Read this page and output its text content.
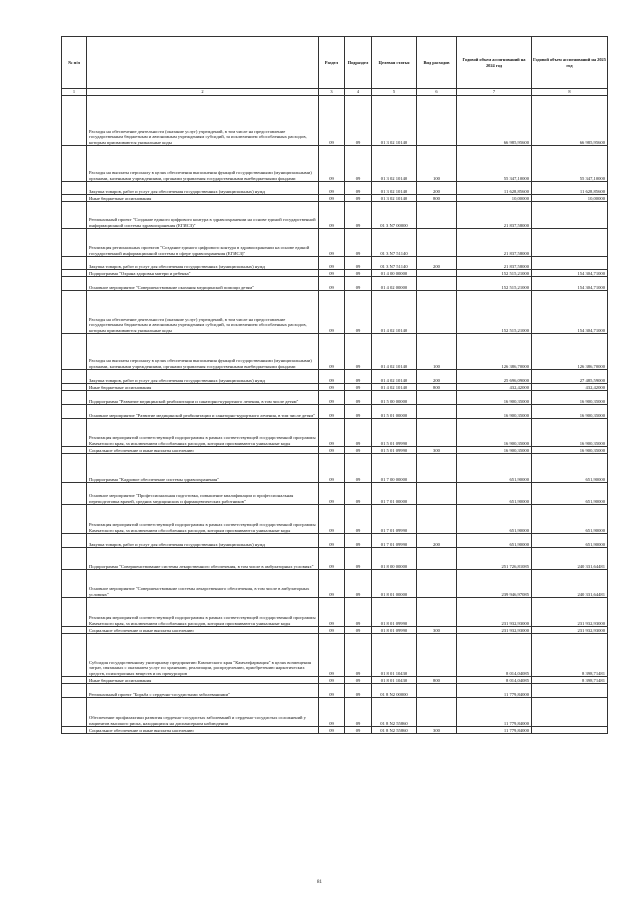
№ п/п		Раздел	Подраздел	Целевая статья	Вид расходов	Годовой объем ассигнований на 2024 год	Годовой объем ассигнований на 2025 год
1	2	3	4	5	6	7	8
	Расходы на обеспечение деятельности (оказание услуг) учреждений, в том числе на предоставление государственным бюджетным и автономным учреждениям субсидий, за исключением обособленных расходов, которым присваиваются уникальные коды	09	09	01 3 02 10140		66 985,95600	66 985,95600
	Расходы на выплаты персоналу в целях обеспечения выполнения функций государственными (муниципальными) органами, казенными учреждениями, органами управления государственными внебюджетными фондами	09	09	01 3 02 10140	100	55 347,10000	55 347,10000
	Закупка товаров, работ и услуг для обеспечения государственных (муниципальных) нужд	09	09	01 3 02 10140	200	11 628,85600	11 628,85600
	Иные бюджетные ассигнования	09	09	01 3 02 10140	800	10,00000	10,00000
	Региональный проект "Создание единого цифрового контура в здравоохранении на основе единой государственной информационной системы здравоохранения (ЕГИСЗ)"	09	09	01 3 N7 00000		21 837,58000	
	Реализация региональных проектов "Создание единого цифрового контура в здравоохранении на основе единой государственной информационной системы в сфере здравоохранения (ЕГИСЗ)"	09	09	01 3 N7 51140		21 837,58000	
	Закупка товаров, работ и услуг для обеспечения государственных (муниципальных) нужд	09	09	01 3 N7 51140	200	21 837,58000	
	Подпрограмма "Охрана здоровья матери и ребенка"	09	09	01 4 00 00000		152 515,21000	154 304,71000
	Основное мероприятие "Совершенствование оказания медицинской помощи детям"	09	09	01 4 02 00000		152 515,21000	154 304,71000
	Расходы на обеспечение деятельности (оказание услуг) учреждений, в том числе на предоставление государственным бюджетным и автономным учреждениям субсидий, за исключением обособленных расходов, которым присваиваются уникальные коды	09	09	01 4 02 10140		152 515,21000	154 304,71000
	Расходы на выплаты персоналу в целях обеспечения выполнения функций государственными (муниципальными) органами, казенными учреждениями, органами управления государственными внебюджетными фондами	09	09	01 4 02 10140	100	126 386,70000	126 386,70000
	Закупка товаров, работ и услуг для обеспечения государственных (муниципальных) нужд	09	09	01 4 02 10140	200	25 696,09000	27 485,59000
	Иные бюджетные ассигнования	09	09	01 4 02 10140	800	432,42000	432,42000
	Подпрограмма "Развитие медицинской реабилитации и санаторно-курортного лечения, в том числе детям"	09	09	01 5 00 00000		16 900,35000	16 900,35000
	Основное мероприятие "Развитие медицинской реабилитации и санаторно-курортного лечения, в том числе детям"	09	09	01 5 01 00000		16 900,35000	16 900,35000
	Реализация мероприятий соответствующей подпрограммы в рамках соответствующей государственной программы Камчатского края, за исключением обособленных расходов, которым присваиваются уникальные коды	09	09	01 5 01 09990		16 900,35000	16 900,35000
	Социальное обеспечение и иные выплаты населению	09	09	01 5 01 09990	300	16 900,35000	16 900,35000
	Подпрограмма "Кадровое обеспечение системы здравоохранения"	09	09	01 7 00 00000		651,90000	651,90000
	Основное мероприятие "Профессиональная подготовка, повышение квалификации и профессиональная переподготовка врачей, средних медицинских и фармацевтических работников"	09	09	01 7 01 00000		651,90000	651,90000
	Реализация мероприятий соответствующей подпрограммы в рамках соответствующей государственной программы Камчатского края, за исключением обособленных расходов, которым присваиваются уникальные коды	09	09	01 7 01 09990		651,90000	651,90000
	Закупка товаров, работ и услуг для обеспечения государственных (муниципальных) нужд	09	09	01 7 01 09990	200	651,90000	651,90000
	Подпрограмма "Совершенствование системы лекарственного обеспечения, в том числе в амбулаторных условиях"	09	09	01 8 00 00000		251 726,81085	240 331,64481
	Основное мероприятие "Совершенствование системы лекарственного обеспечения, в том числе в амбулаторных условиях"	09	09	01 8 01 00000		239 946,97085	240 331,64481
	Реализация мероприятий соответствующей подпрограммы в рамках соответствующей государственной программы Камчатского края, за исключением обособленных расходов, которым присваиваются уникальные коды	09	09	01 8 01 09990		231 932,93000	231 932,93000
	Социальное обеспечение и иные выплаты населению	09	09	01 8 01 09990	300	231 932,93000	231 932,93000
	Субсидия государственному унитарному предприятию Камчатского края "Камчатфармация" в целях возмещения затрат, связанных с оказанием услуг по хранению, реализации, распределению, приобретению наркотических средств, психотропных веществ и их прекурсоров	09	09	01 8 01 10430		8 014,04085	8 398,71481
	Иные бюджетные ассигнования	09	09	01 8 01 10430	800	8 014,04085	8 398,71481
	Региональный проект "Борьба с сердечно-сосудистыми заболеваниями"	09	09	01 8 N2 00000		11 779,84000	
	Обеспечение профилактики развития сердечно-сосудистых заболеваний и сердечно-сосудистых осложнений у пациентов высокого риска, находящихся на диспансерном наблюдении	09	09	01 8 N2 55860		11 779,84000	
	Социальное обеспечение и иные выплаты населению	09	09	01 8 N2 55860	300	11 779,84000	
81
